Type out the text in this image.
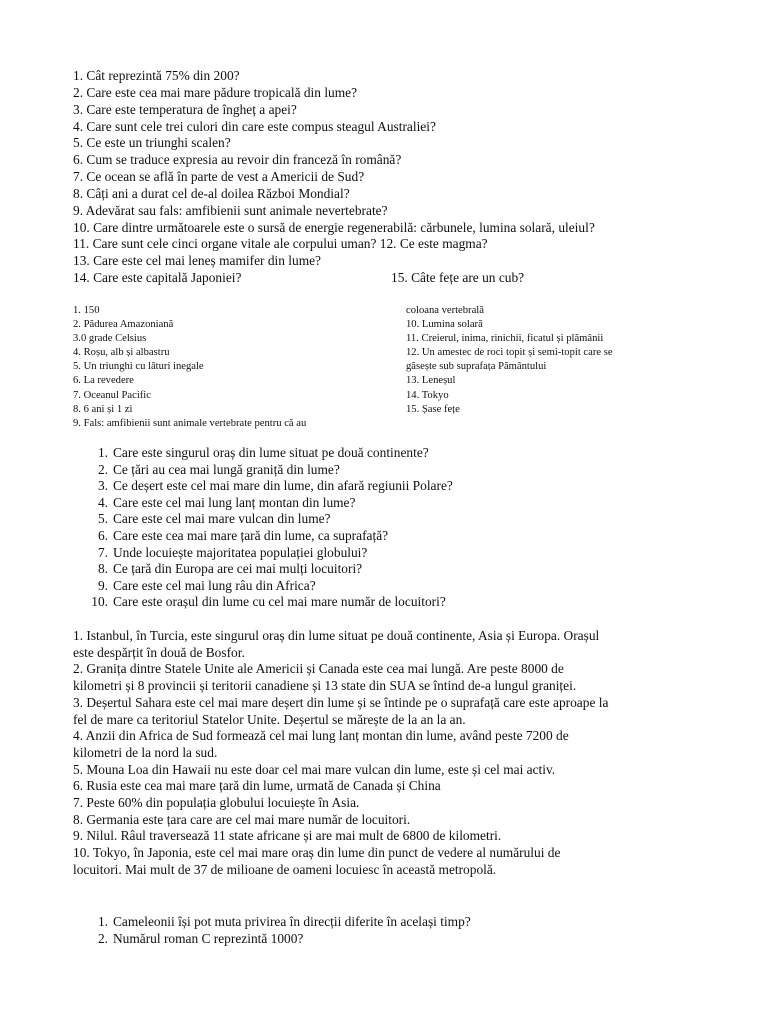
1. Cât reprezintă 75% din 200?
2. Care este cea mai mare pădure tropicală din lume?
3. Care este temperatura de îngheț a apei?
4. Care sunt cele trei culori din care este compus steagul Australiei?
5. Ce este un triunghi scalen?
6. Cum se traduce expresia au revoir din franceză în română?
7. Ce ocean se află în parte de vest a Americii de Sud?
8. Câți ani a durat cel de-al doilea Război Mondial?
9. Adevărat sau fals: amfibienii sunt animale nevertebrate?
10. Care dintre următoarele este o sursă de energie regenerabilă: cărbunele, lumina solară, uleiul?
11. Care sunt cele cinci organe vitale ale corpului uman? 12. Ce este magma?
13. Care este cel mai leneș mamifer din lume?
14. Care este capitală Japoniei?	15. Câte fețe are un cub?
1. 150
2. Pădurea Amazoniană
3.0 grade Celsius
4. Roșu, alb și albastru
5. Un triunghi cu lături inegale
6. La revedere
7. Oceanul Pacific
8. 6 ani și 1 zi
9. Fals: amfibienii sunt animale vertebrate pentru că au
coloana vertebrală
10. Lumina solară
11. Creierul, inima, rinichii, ficatul și plămânii
12. Un amestec de roci topit și semi-topit care se
găsește sub suprafața Pământului
13. Leneșul
14. Tokyo
15. Șase fețe
1. Care este singurul oraș din lume situat pe două continente?
2. Ce țări au cea mai lungă graniță din lume?
3. Ce deșert este cel mai mare din lume, din afară regiunii Polare?
4. Care este cel mai lung lanț montan din lume?
5. Care este cel mai mare vulcan din lume?
6. Care este cea mai mare țară din lume, ca suprafață?
7. Unde locuiește majoritatea populației globului?
8. Ce țară din Europa are cei mai mulți locuitori?
9. Care este cel mai lung râu din Africa?
10. Care este orașul din lume cu cel mai mare număr de locuitori?
1. Istanbul, în Turcia, este singurul oraș din lume situat pe două continente, Asia și Europa. Orașul
este despărțit în două de Bosfor.
2. Granița dintre Statele Unite ale Americii și Canada este cea mai lungă. Are peste 8000 de
kilometri și 8 provincii și teritorii canadiene și 13 state din SUA se întind de-a lungul graniței.
3. Deșertul Sahara este cel mai mare deșert din lume și se întinde pe o suprafață care este aproape la
fel de mare ca teritoriul Statelor Unite. Deșertul se mărește de la an la an.
4. Anzii din Africa de Sud formează cel mai lung lanț montan din lume, având peste 7200 de
kilometri de la nord la sud.
5. Mouna Loa din Hawaii nu este doar cel mai mare vulcan din lume, este și cel mai activ.
6. Rusia este cea mai mare țară din lume, urmată de Canada și China
7. Peste 60% din populația globului locuiește în Asia.
8. Germania este țara care are cel mai mare număr de locuitori.
9. Nilul. Râul traversează 11 state africane și are mai mult de 6800 de kilometri.
10. Tokyo, în Japonia, este cel mai mare oraș din lume din punct de vedere al numărului de
locuitori. Mai mult de 37 de milioane de oameni locuiesc în această metropolă.
1. Cameleonii își pot muta privirea în direcții diferite în același timp?
2. Numărul roman C reprezintă 1000?
